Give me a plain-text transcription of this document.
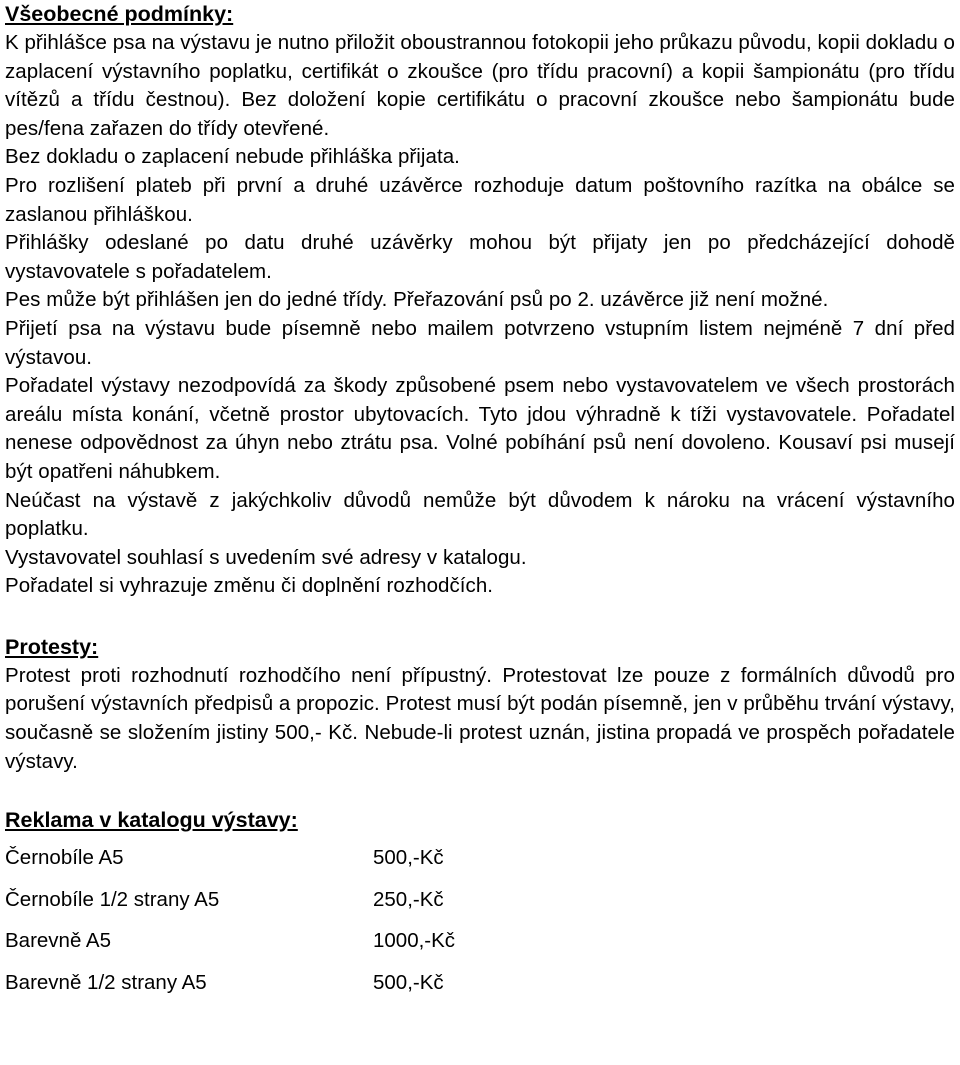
Všeobecné podmínky:

K přihlášce psa na výstavu je nutno přiložit oboustrannou fotokopii jeho průkazu původu, kopii dokladu o zaplacení výstavního poplatku, certifikát o zkoušce (pro třídu pracovní) a kopii šampionátu (pro třídu vítězů a třídu čestnou). Bez doložení kopie certifikátu o pracovní zkoušce nebo šampionátu bude pes/fena zařazen do třídy otevřené.

Bez dokladu o zaplacení nebude přihláška přijata.

Pro rozlišení plateb při první a druhé uzávěrce rozhoduje datum poštovního razítka na obálce se zaslanou přihláškou.

Přihlášky odeslané po datu druhé uzávěrky mohou být přijaty jen po předcházející dohodě vystavovatele s pořadatelem.

Pes může být přihlášen jen do jedné třídy. Přeřazování psů po 2. uzávěrce již není možné.

Přijetí psa na výstavu bude písemně nebo mailem potvrzeno vstupním listem nejméně 7 dní před výstavou.

Pořadatel výstavy nezodpovídá za škody způsobené psem nebo vystavovatelem ve všech prostorách areálu místa konání, včetně prostor ubytovacích. Tyto jdou výhradně k tíži vystavovatele. Pořadatel nenese odpovědnost za úhyn nebo ztrátu psa. Volné pobíhání psů není dovoleno. Kousaví psi musejí být opatřeni náhubkem.

Neúčast na výstavě z jakýchkoliv důvodů nemůže být důvodem k nároku na vrácení výstavního poplatku.

Vystavovatel souhlasí s uvedením své adresy v katalogu.

Pořadatel si vyhrazuje změnu či doplnění rozhodčích.

Protesty:

Protest proti rozhodnutí rozhodčího není přípustný. Protestovat lze pouze z formálních důvodů pro porušení výstavních předpisů a propozic. Protest musí být podán písemně, jen v průběhu trvání výstavy, současně se složením jistiny 500,- Kč. Nebude-li protest uznán, jistina propadá ve prospěch pořadatele výstavy.

Reklama v katalogu výstavy:

Černobíle A5	500,-Kč
Černobíle 1/2 strany A5	250,-Kč
Barevně A5	1000,-Kč
Barevně 1/2 strany A5	500,-Kč
